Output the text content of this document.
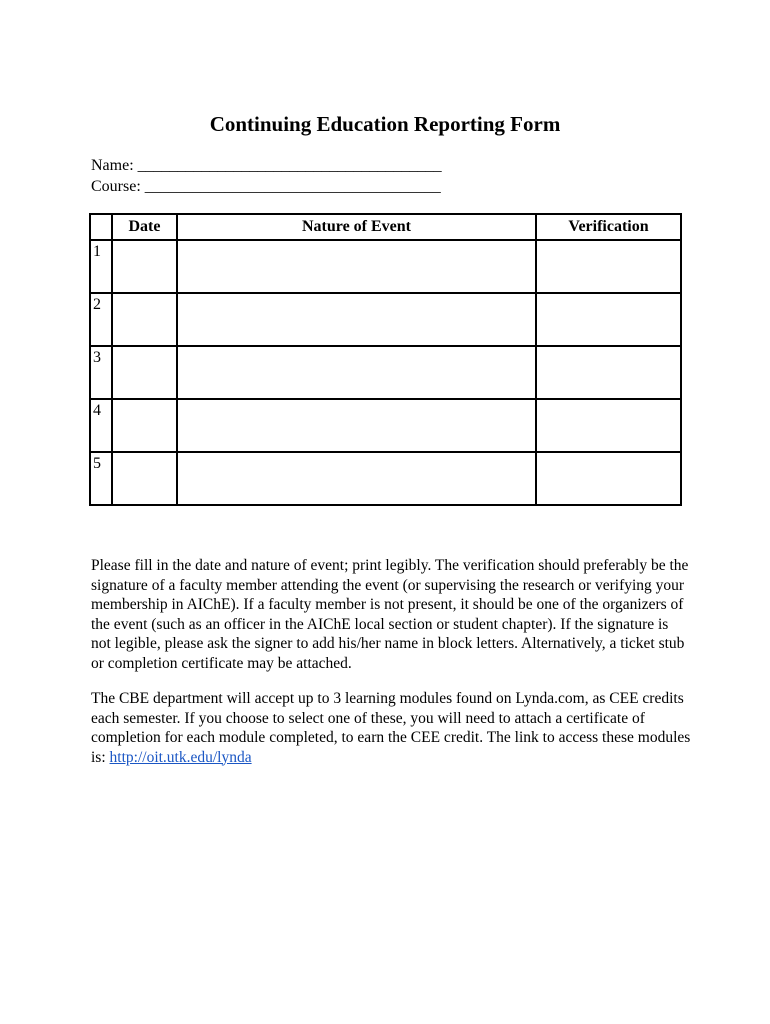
Continuing Education Reporting Form
Name: ______________________________________
Course: _____________________________________
	Date	Nature of Event	Verification
1			
2			
3			
4			
5			

Please fill in the date and nature of event; print legibly. The verification should preferably be the signature of a faculty member attending the event (or supervising the research or verifying your membership in AIChE). If a faculty member is not present, it should be one of the organizers of the event (such as an officer in the AIChE local section or student chapter). If the signature is not legible, please ask the signer to add his/her name in block letters. Alternatively, a ticket stub or completion certificate may be attached.

The CBE department will accept up to 3 learning modules found on Lynda.com, as CEE credits each semester. If you choose to select one of these, you will need to attach a certificate of completion for each module completed, to earn the CEE credit. The link to access these modules is: http://oit.utk.edu/lynda
